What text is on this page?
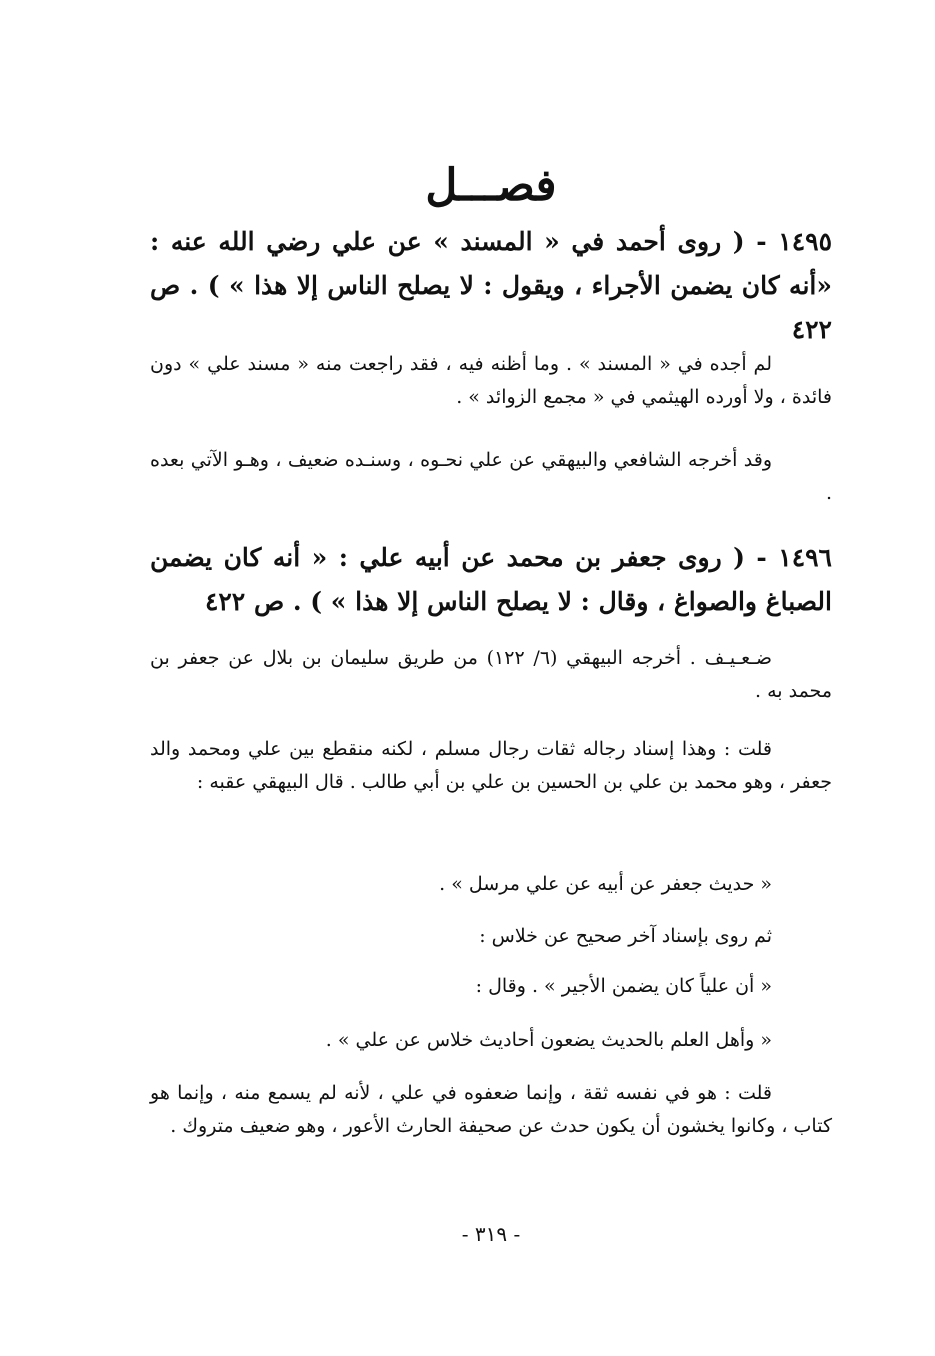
فصـــل

١٤٩٥ - ( روى أحمد في « المسند » عن علي رضي الله عنه : «أنه كان يضمن الأجراء ، ويقول : لا يصلح الناس إلا هذا » ) . ص ٤٢٢

لم أجده في « المسند » . وما أظنه فيه ، فقد راجعت منه « مسند علي » دون فائدة ، ولا أورده الهيثمي في « مجمع الزوائد » .

وقد أخرجه الشافعي والبيهقي عن علي نحـوه ، وسنـده ضعيف ، وهـو الآتي بعده .

١٤٩٦ - ( روى جعفر بن محمد عن أبيه علي : « أنه كان يضمن الصباغ والصواغ ، وقال : لا يصلح الناس إلا هذا » ) . ص ٤٢٢

ضـعـيـف . أخرجه البيهقي (٦/ ١٢٢) من طريق سليمان بن بلال عن جعفر بن محمد به .

قلت : وهذا إسناد رجاله ثقات رجال مسلم ، لكنه منقطع بين علي ومحمد والد جعفر ، وهو محمد بن علي بن الحسين بن علي بن أبي طالب . قال البيهقي عقبه :

« حديث جعفر عن أبيه عن علي مرسل » .
ثم روى بإسناد آخر صحيح عن خلاس :
« أن علياً كان يضمن الأجير » . وقال :
« وأهل العلم بالحديث يضعون أحاديث خلاس عن علي » .

قلت : هو في نفسه ثقة ، وإنما ضعفوه في علي ، لأنه لم يسمع منه ، وإنما هو كتاب ، وكانوا يخشون أن يكون حدث عن صحيفة الحارث الأعور ، وهو ضعيف متروك .

- ٣١٩ -
